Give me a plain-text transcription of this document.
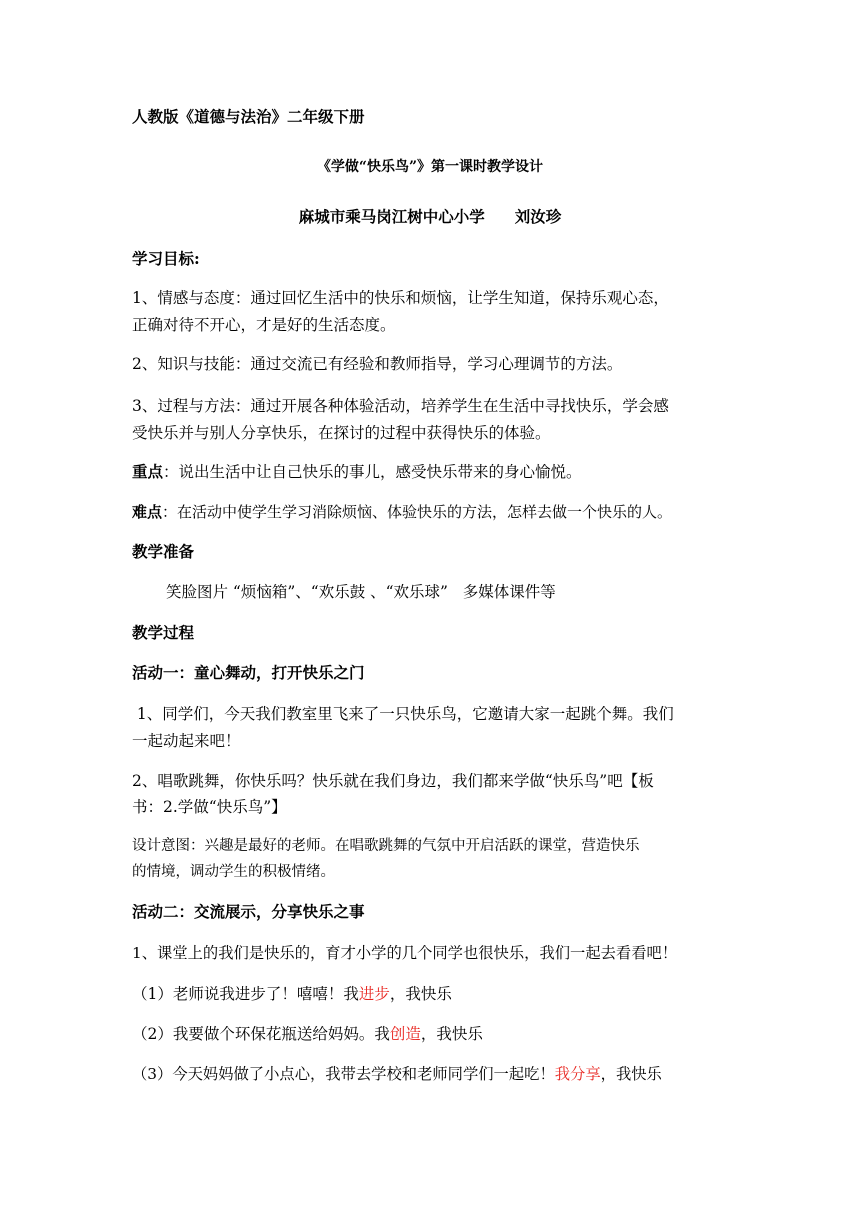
人教版《道德与法治》二年级下册

《学做“快乐鸟”》第一课时教学设计

麻城市乘马岗江树中心小学 刘汝珍

学习目标:

1、情感与态度：通过回忆生活中的快乐和烦恼，让学生知道，保持乐观心态，

正确对待不开心，才是好的生活态度。

2、知识与技能：通过交流已有经验和教师指导，学习心理调节的方法。

3、过程与方法：通过开展各种体验活动，培养学生在生活中寻找快乐，学会感

受快乐并与别人分享快乐，在探讨的过程中获得快乐的体验。

重点：说出生活中让自己快乐的事儿，感受快乐带来的身心愉悦。

难点：在活动中使学生学习消除烦恼、体验快乐的方法，怎样去做一个快乐的人。

教学准备

笑脸图片 “烦恼箱”、“欢乐鼓 、“欢乐球”   多媒体课件等

教学过程

活动一：童心舞动，打开快乐之门

1、同学们，今天我们教室里飞来了一只快乐鸟，它邀请大家一起跳个舞。我们

一起动起来吧！

2、唱歌跳舞，你快乐吗？快乐就在我们身边，我们都来学做“快乐鸟”吧【板

书：2.学做“快乐鸟”】

设计意图：兴趣是最好的老师。在唱歌跳舞的气氛中开启活跃的课堂，营造快乐

的情境，调动学生的积极情绪。

活动二：交流展示，分享快乐之事

1、课堂上的我们是快乐的，育才小学的几个同学也很快乐，我们一起去看看吧！

（1）老师说我进步了！嘻嘻！我进步，我快乐

（2）我要做个环保花瓶送给妈妈。我创造，我快乐

（3）今天妈妈做了小点心，我带去学校和老师同学们一起吃！我分享，我快乐
